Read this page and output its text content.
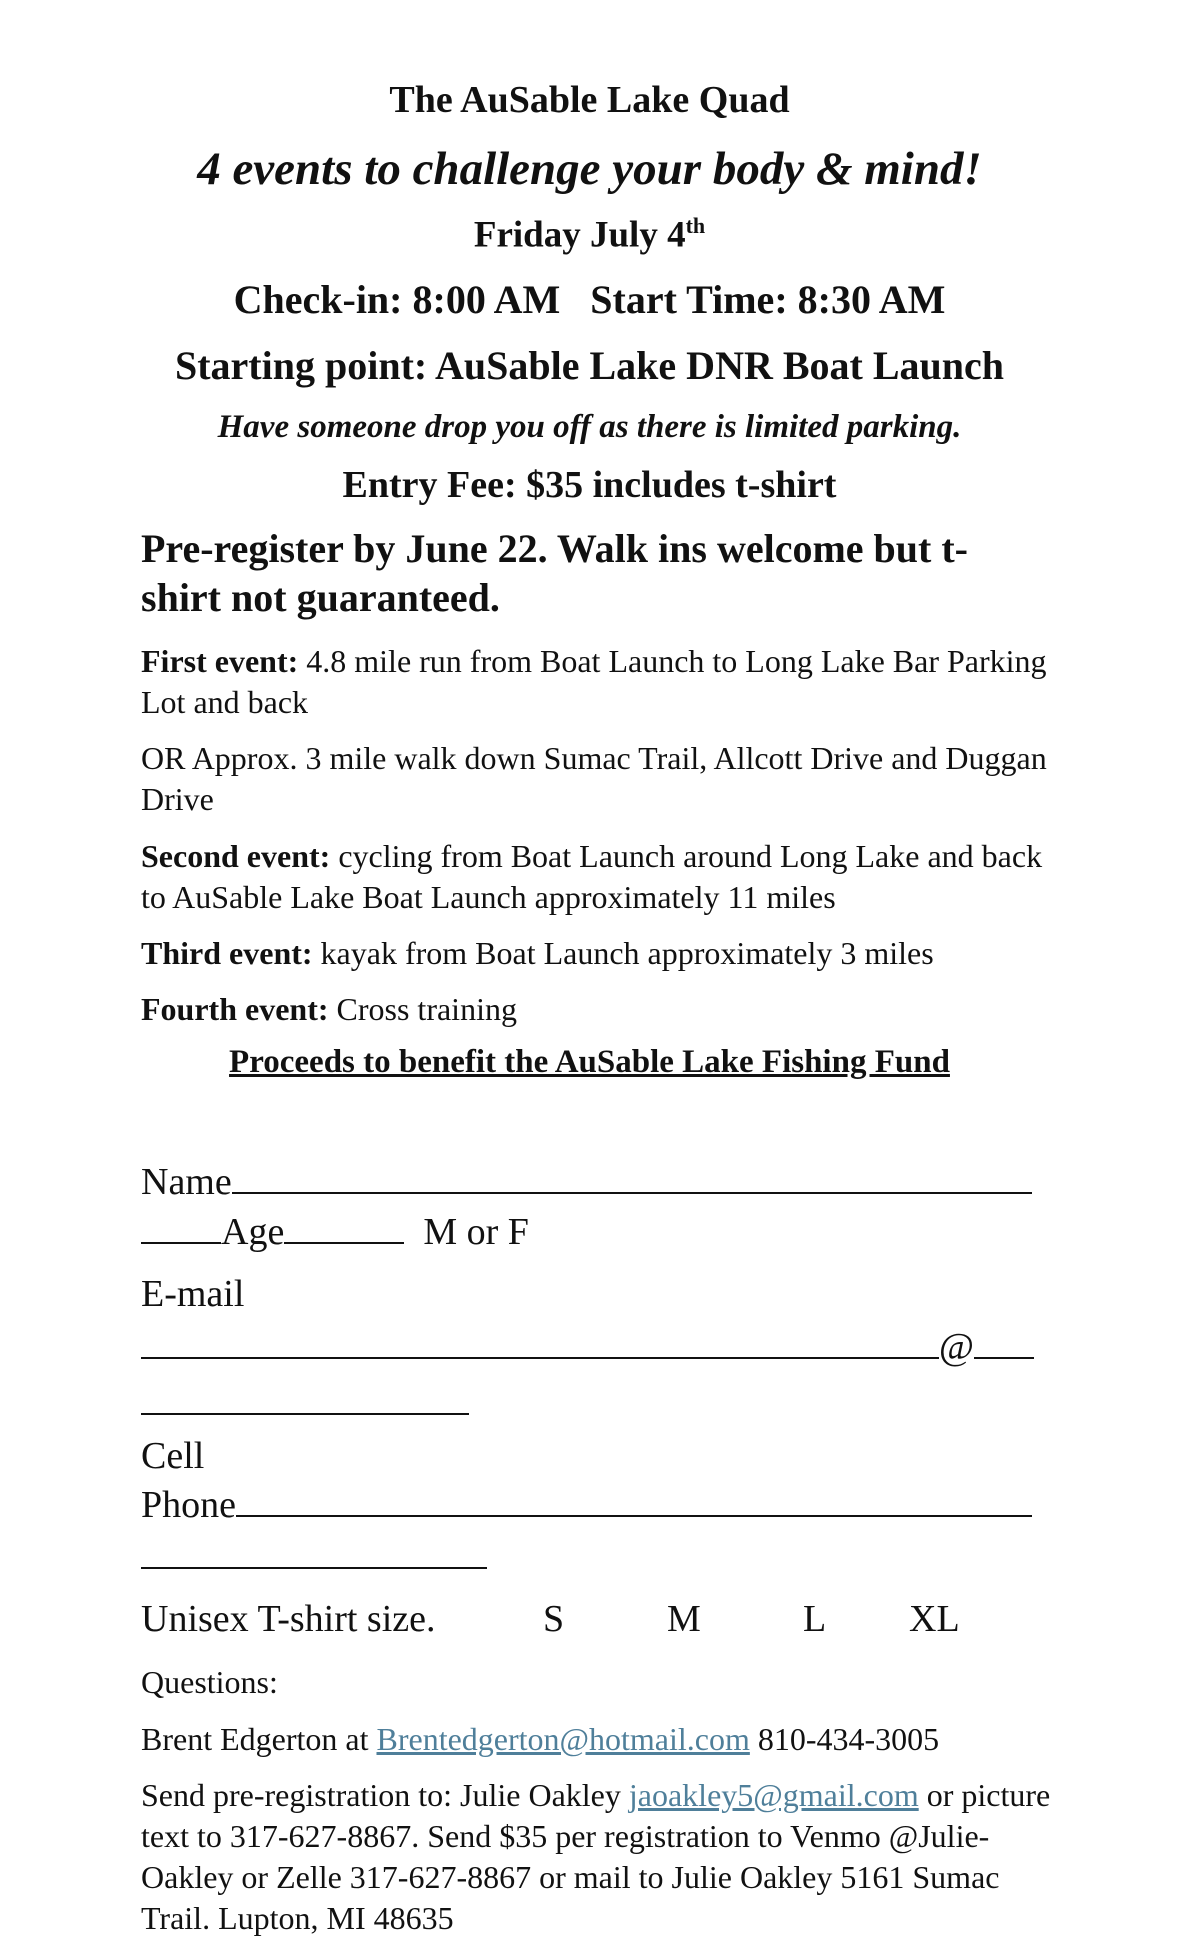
The AuSable Lake Quad

4 events to challenge your body & mind!

Friday July 4th

Check-in: 8:00 AM Start Time: 8:30 AM

Starting point: AuSable Lake DNR Boat Launch

Have someone drop you off as there is limited parking.

Entry Fee: $35 includes t-shirt

Pre-register by June 22. Walk ins welcome but t-shirt not guaranteed.

First event: 4.8 mile run from Boat Launch to Long Lake Bar Parking Lot and back

OR Approx. 3 mile walk down Sumac Trail, Allcott Drive and Duggan Drive

Second event: cycling from Boat Launch around Long Lake and back to AuSable Lake Boat Launch approximately 11 miles

Third event: kayak from Boat Launch approximately 3 miles

Fourth event: Cross training

Proceeds to benefit the AuSable Lake Fishing Fund

Name

Age	M or F

E-mail

@

Cell

Phone

Unisex T-shirt size.	S	M	L XL

Questions:

Brent Edgerton at Brentedgerton@hotmail.com 810-434-3005

Send pre-registration to: Julie Oakley jaoakley5@gmail.com or picture text to 317-627-8867. Send $35 per registration to Venmo @Julie-Oakley or Zelle 317-627-8867 or mail to Julie Oakley 5161 Sumac Trail. Lupton, MI 48635
